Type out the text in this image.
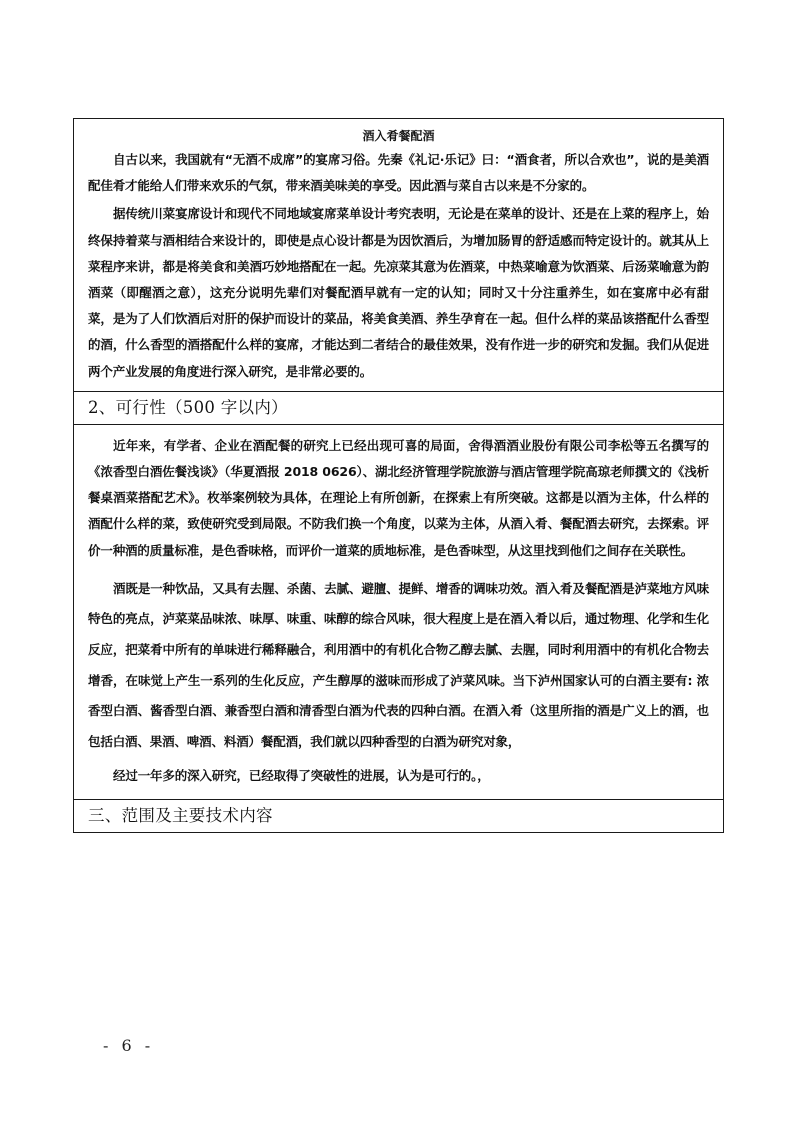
酒入肴餐配酒

自古以来，我国就有“无酒不成席”的宴席习俗。先秦《礼记·乐记》曰：“酒食者，所以合欢也”，说的是美酒配佳肴才能给人们带来欢乐的气氛，带来酒美味美的享受。因此酒与菜自古以来是不分家的。

据传统川菜宴席设计和现代不同地域宴席菜单设计考究表明，无论是在菜单的设计、还是在上菜的程序上，始终保持着菜与酒相结合来设计的，即使是点心设计都是为因饮酒后，为增加肠胃的舒适感而特定设计的。就其从上菜程序来讲，都是将美食和美酒巧妙地搭配在一起。先凉菜其意为佐酒菜，中热菜喻意为饮酒菜、后汤菜喻意为韵酒菜（即醒酒之意），这充分说明先辈们对餐配酒早就有一定的认知；同时又十分注重养生，如在宴席中必有甜菜，是为了人们饮酒后对肝的保护而设计的菜品，将美食美酒、养生孕育在一起。但什么样的菜品该搭配什么香型的酒，什么香型的酒搭配什么样的宴席，才能达到二者结合的最佳效果，没有作进一步的研究和发掘。我们从促进两个产业发展的角度进行深入研究，是非常必要的。

2、可行性（500 字以内）

近年来，有学者、企业在酒配餐的研究上已经出现可喜的局面，舍得酒酒业股份有限公司李松等五名撰写的《浓香型白酒佐餐浅谈》（华夏酒报 2018 0626）、湖北经济管理学院旅游与酒店管理学院高琼老师撰文的《浅析餐桌酒菜搭配艺术》。枚举案例较为具体，在理论上有所创新，在探索上有所突破。这都是以酒为主体，什么样的酒配什么样的菜，致使研究受到局限。不防我们换一个角度，以菜为主体，从酒入肴、餐配酒去研究，去探索。评价一种酒的质量标准，是色香味格，而评价一道菜的质地标准，是色香味型，从这里找到他们之间存在关联性。

酒既是一种饮品，又具有去腥、杀菌、去腻、避膻、提鲜、增香的调味功效。酒入肴及餐配酒是泸菜地方风味特色的亮点，泸菜菜品味浓、味厚、味重、味醇的综合风味，很大程度上是在酒入肴以后，通过物理、化学和生化反应，把菜肴中所有的单味进行稀释融合，利用酒中的有机化合物乙醇去腻、去腥，同时利用酒中的有机化合物去增香，在味觉上产生一系列的生化反应，产生醇厚的滋味而形成了泸菜风味。当下泸州国家认可的白酒主要有: 浓香型白酒、酱香型白酒、兼香型白酒和清香型白酒为代表的四种白酒。在酒入肴（这里所指的酒是广义上的酒，也包括白酒、果酒、啤酒、料酒）餐配酒，我们就以四种香型的白酒为研究对象，

经过一年多的深入研究，已经取得了突破性的进展，认为是可行的。，

三、范围及主要技术内容
- 6 -
